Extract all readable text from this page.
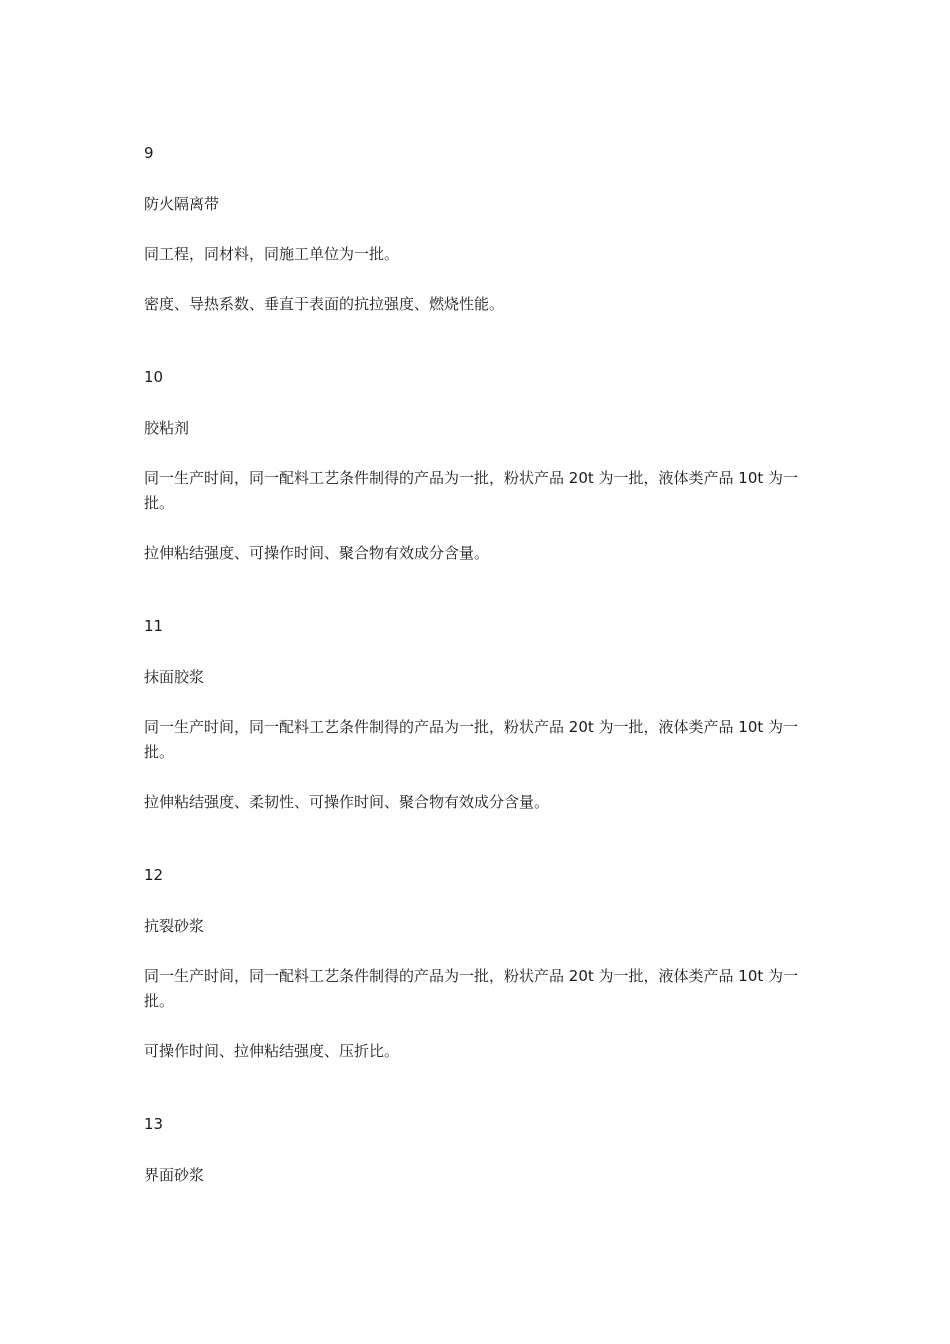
9

防火隔离带

同工程，同材料，同施工单位为一批。

密度、导热系数、垂直于表面的抗拉强度、燃烧性能。

10

胶粘剂

同一生产时间，同一配料工艺条件制得的产品为一批，粉状产品 20t 为一批，液体类产品 10t 为一批。

拉伸粘结强度、可操作时间、聚合物有效成分含量。

11

抹面胶浆

同一生产时间，同一配料工艺条件制得的产品为一批，粉状产品 20t 为一批，液体类产品 10t 为一批。

拉伸粘结强度、柔韧性、可操作时间、聚合物有效成分含量。

12

抗裂砂浆

同一生产时间，同一配料工艺条件制得的产品为一批，粉状产品 20t 为一批，液体类产品 10t 为一批。

可操作时间、拉伸粘结强度、压折比。

13

界面砂浆
